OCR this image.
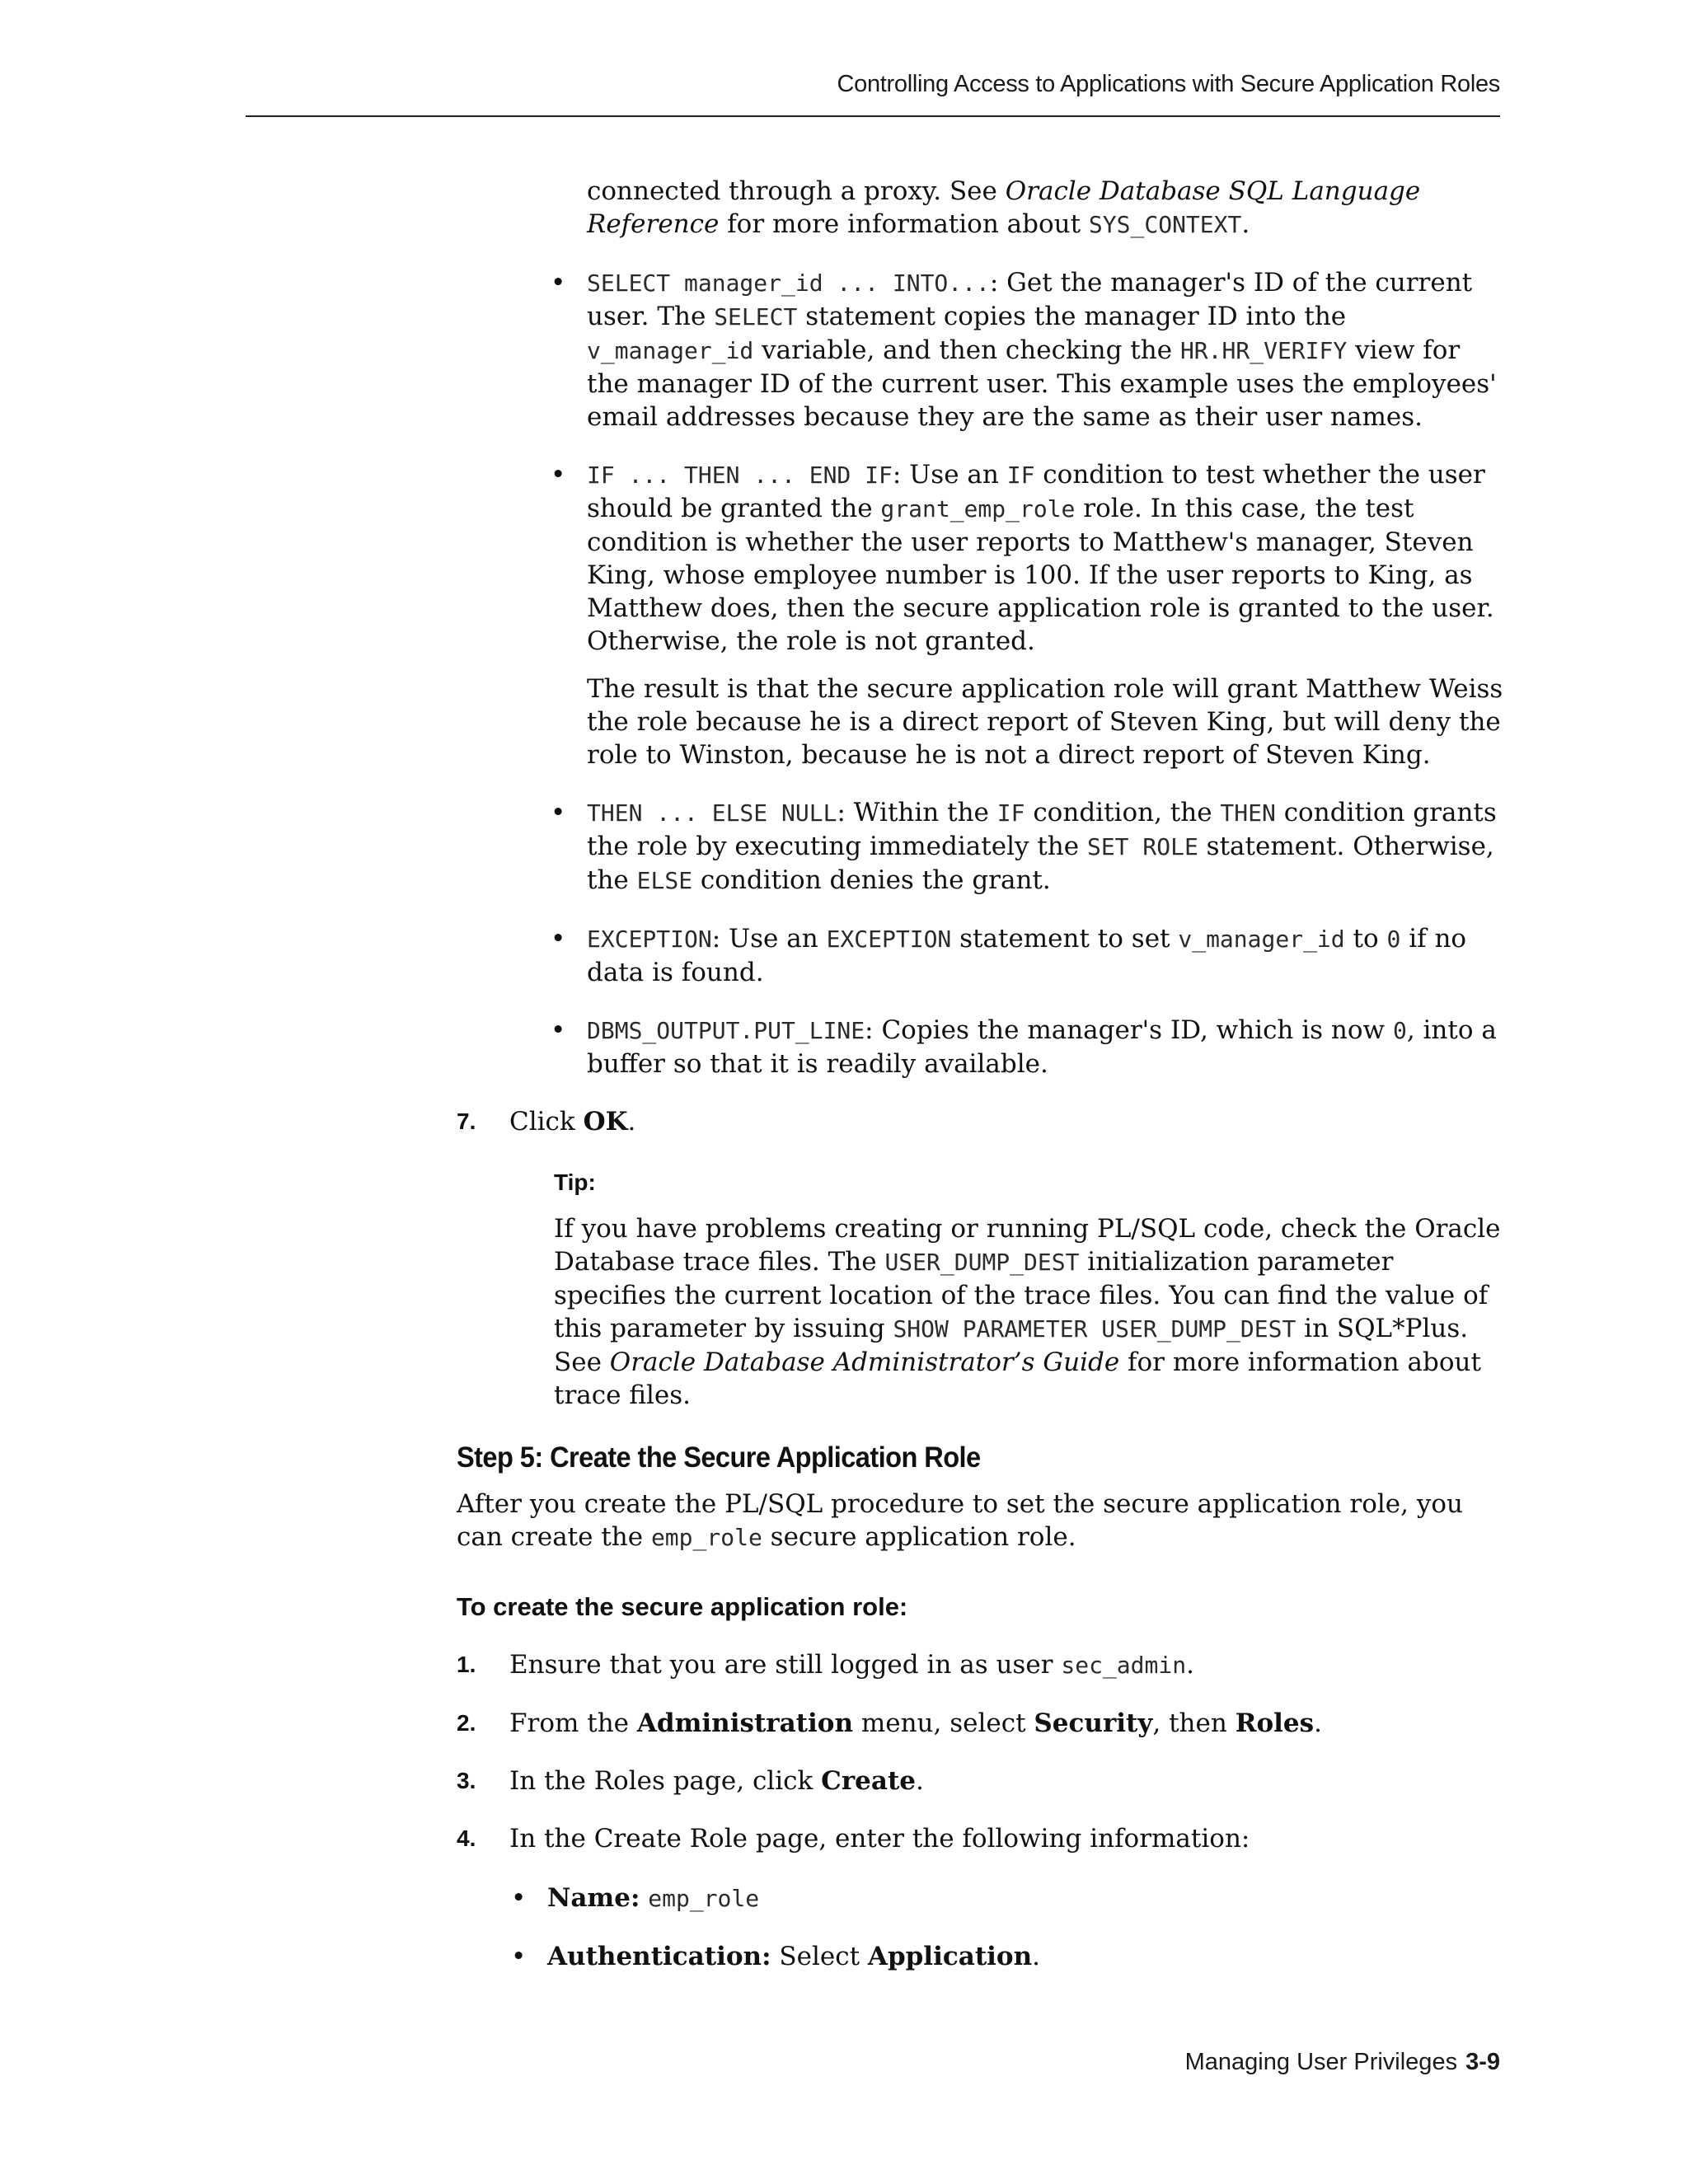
Controlling Access to Applications with Secure Application Roles

connected through a proxy. See Oracle Database SQL Language Reference for more information about SYS_CONTEXT.

• SELECT manager_id ... INTO...: Get the manager's ID of the current user. The SELECT statement copies the manager ID into the v_manager_id variable, and then checking the HR.HR_VERIFY view for the manager ID of the current user. This example uses the employees' email addresses because they are the same as their user names.
• IF ... THEN ... END IF: Use an IF condition to test whether the user should be granted the grant_emp_role role. In this case, the test condition is whether the user reports to Matthew's manager, Steven King, whose employee number is 100. If the user reports to King, as Matthew does, then the secure application role is granted to the user. Otherwise, the role is not granted.

The result is that the secure application role will grant Matthew Weiss the role because he is a direct report of Steven King, but will deny the role to Winston, because he is not a direct report of Steven King.

• THEN ... ELSE NULL: Within the IF condition, the THEN condition grants the role by executing immediately the SET ROLE statement. Otherwise, the ELSE condition denies the grant.
• EXCEPTION: Use an EXCEPTION statement to set v_manager_id to 0 if no data is found.
• DBMS_OUTPUT.PUT_LINE: Copies the manager's ID, which is now 0, into a buffer so that it is readily available.
7. Click OK.
Tip:

If you have problems creating or running PL/SQL code, check the Oracle Database trace files. The USER_DUMP_DEST initialization parameter specifies the current location of the trace files. You can find the value of this parameter by issuing SHOW PARAMETER USER_DUMP_DEST in SQL*Plus. See Oracle Database Administrator’s Guide for more information about trace files.

Step 5: Create the Secure Application Role

After you create the PL/SQL procedure to set the secure application role, you can create the emp_role secure application role.

To create the secure application role:
1. Ensure that you are still logged in as user sec_admin.
2. From the Administration menu, select Security, then Roles.
3. In the Roles page, click Create.
4. In the Create Role page, enter the following information:
• Name: emp_role
• Authentication: Select Application.
Managing User Privileges 3-9
